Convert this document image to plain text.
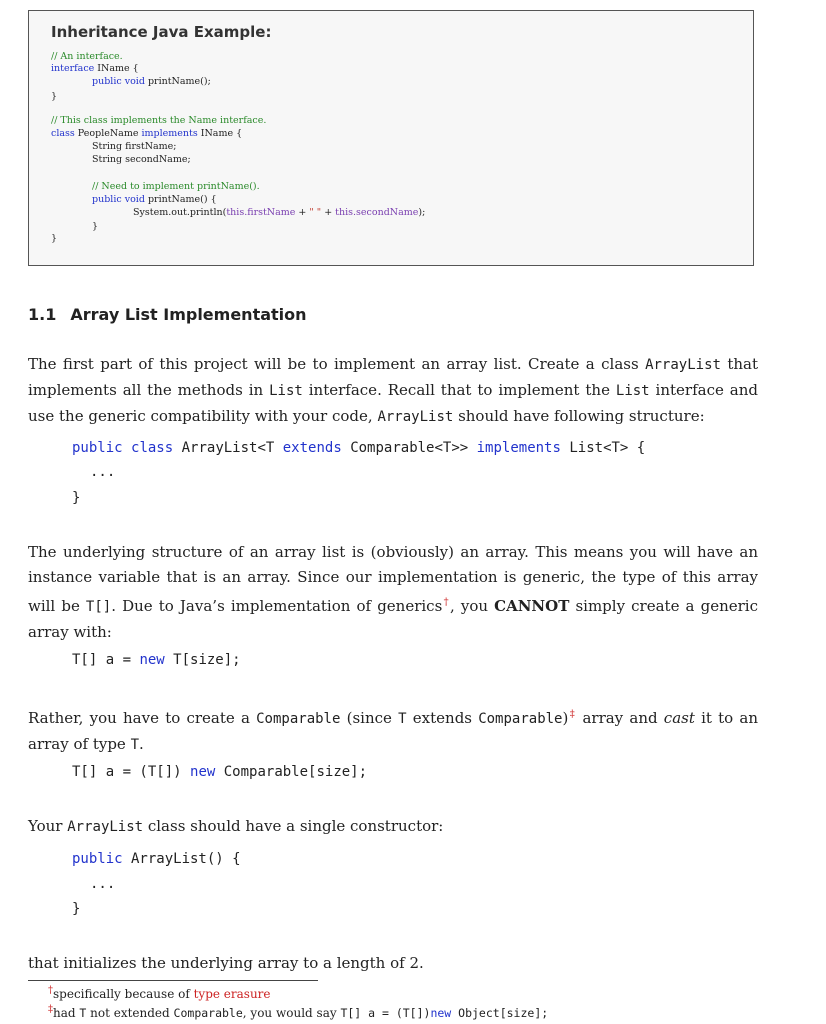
Inheritance Java Example:
// An interface.
interface IName {
public void printName();
}
// This class implements the Name interface.
class PeopleName implements IName {
String firstName;
String secondName;
// Need to implement printName().
public void printName() {
System.out.println(this.firstName + " " + this.secondName);
}
}
1.1 Array List Implementation
The first part of this project will be to implement an array list. Create a class ArrayList that implements all the methods in List interface. Recall that to implement the List interface and use the generic compatibility with your code, ArrayList should have following structure:
public class ArrayList<T extends Comparable<T>> implements List<T> {
...
}
The underlying structure of an array list is (obviously) an array. This means you will have an instance variable that is an array. Since our implementation is generic, the type of this array will be T[]. Due to Java’s implementation of generics†, you CANNOT simply create a generic array with:
T[] a = new T[size];
Rather, you have to create a Comparable (since T extends Comparable)‡ array and cast it to an array of type T.
T[] a = (T[]) new Comparable[size];
Your ArrayList class should have a single constructor:
public ArrayList() {
...
}
that initializes the underlying array to a length of 2.
†specifically because of type erasure
‡had T not extended Comparable, you would say T[] a = (T[])new Object[size];
